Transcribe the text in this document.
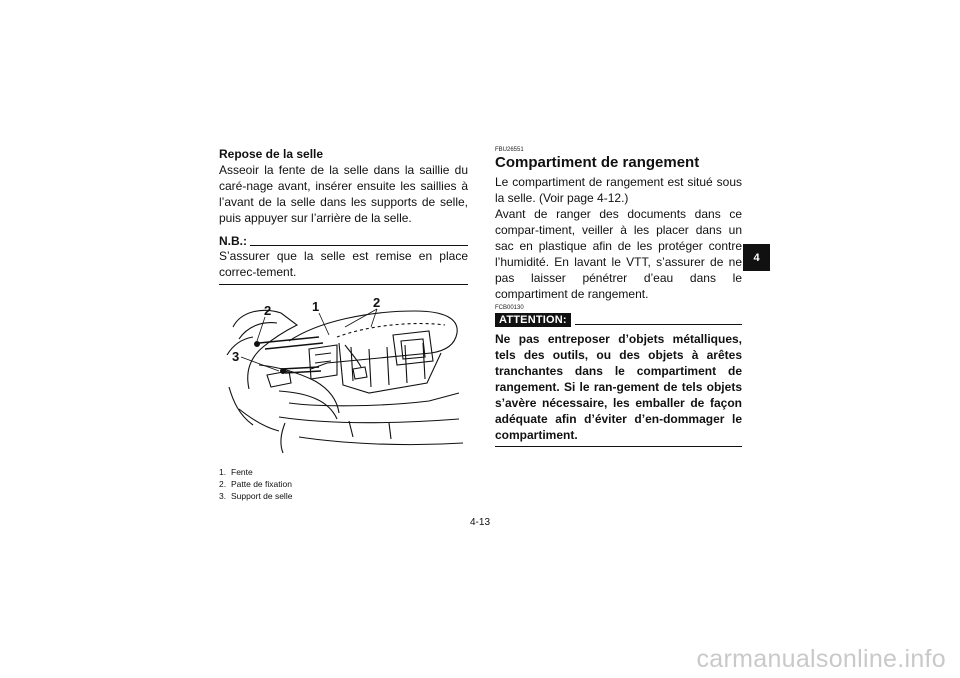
Repose de la selle

Asseoir la fente de la selle dans la saillie du caré-nage avant, insérer ensuite les saillies à l’avant de la selle dans les supports de selle, puis appuyer sur l’arrière de la selle.

N.B.:

S’assurer que la selle est remise en place correc-tement.

2	1	2
3
1. Fente
2. Patte de fixation
3. Support de selle
FBU26551
Compartiment de rangement

Le compartiment de rangement est situé sous la selle. (Voir page 4-12.)

Avant de ranger des documents dans ce compar-timent, veiller à les placer dans un sac en plastique afin de les protéger contre l’humidité. En lavant le VTT, s’assurer de ne pas laisser pénétrer d’eau dans le compartiment de rangement.

FCB00130
ATTENTION:

Ne pas entreposer d’objets métalliques, tels des outils, ou des objets à arêtes tranchantes dans le compartiment de rangement. Si le ran-gement de tels objets s’avère nécessaire, les emballer de façon adéquate afin d’éviter d’en-dommager le compartiment.

4
4-13
carmanualsonline.info
